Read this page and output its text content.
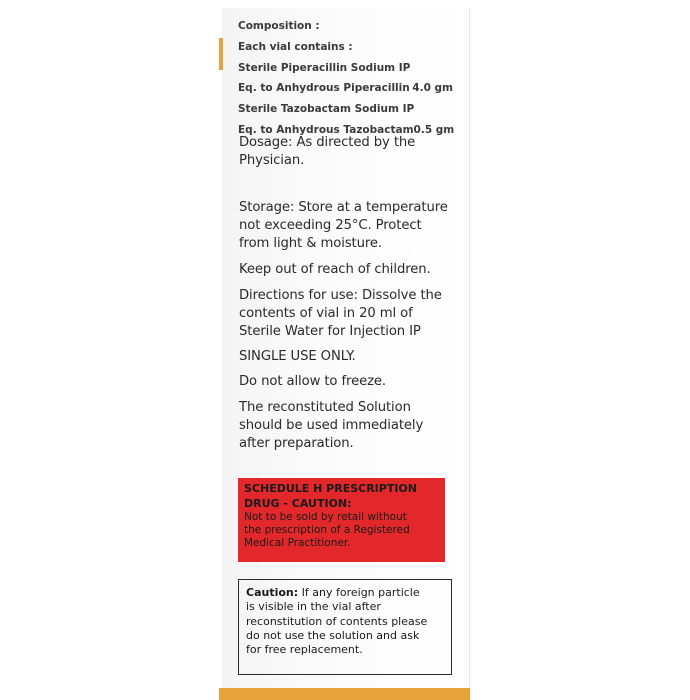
Composition :
Each vial contains :
Sterile Piperacillin Sodium IP
Eq. to Anhydrous Piperacillin 4.0 gm
Sterile Tazobactam Sodium IP
Eq. to Anhydrous Tazobactam 0.5 gm
Dosage: As directed by the
Physician.
Storage: Store at a temperature
not exceeding 25°C. Protect
from light & moisture.
Keep out of reach of children.
Directions for use: Dissolve the
contents of vial in 20 ml of
Sterile Water for Injection IP
SINGLE USE ONLY.
Do not allow to freeze.
The reconstituted Solution
should be used immediately
after preparation.
SCHEDULE H PRESCRIPTION
DRUG - CAUTION:
Not to be sold by retail without
the prescription of a Registered
Medical Practitioner.
Caution: If any foreign particle
is visible in the vial after
reconstitution of contents please
do not use the solution and ask
for free replacement.
